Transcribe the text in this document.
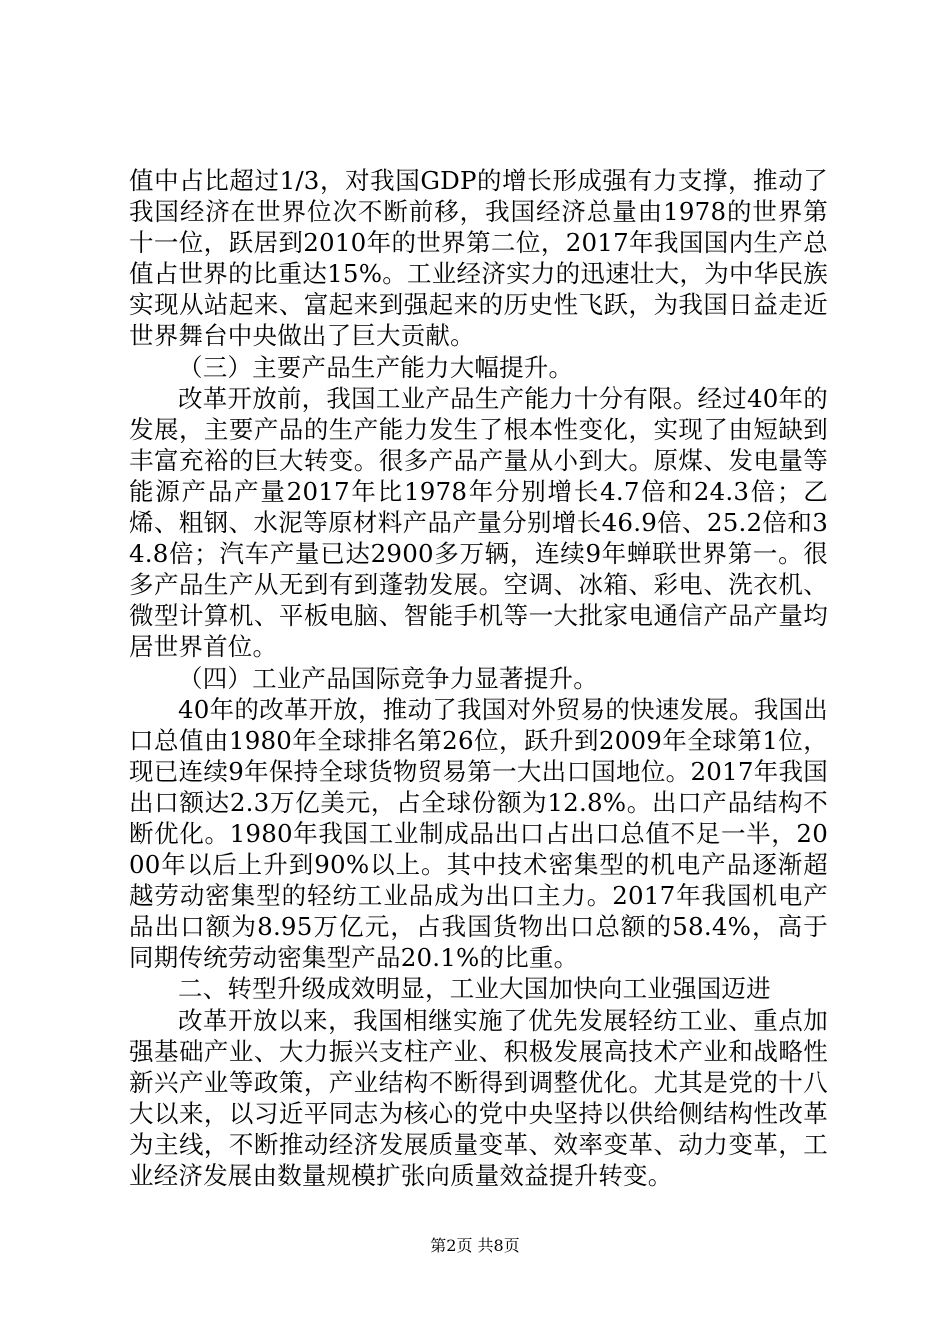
值中占比超过1/3，对我国GDP的增长形成强有力支撑，推动了我国经济在世界位次不断前移，我国经济总量由1978的世界第十一位，跃居到2010年的世界第二位，2017年我国国内生产总值占世界的比重达15%。工业经济实力的迅速壮大，为中华民族实现从站起来、富起来到强起来的历史性飞跃，为我国日益走近世界舞台中央做出了巨大贡献。

（三）主要产品生产能力大幅提升。

改革开放前，我国工业产品生产能力十分有限。经过40年的发展，主要产品的生产能力发生了根本性变化，实现了由短缺到丰富充裕的巨大转变。很多产品产量从小到大。原煤、发电量等能源产品产量2017年比1978年分别增长4.7倍和24.3倍；乙烯、粗钢、水泥等原材料产品产量分别增长46.9倍、25.2倍和34.8倍；汽车产量已达2900多万辆，连续9年蝉联世界第一。很多产品生产从无到有到蓬勃发展。空调、冰箱、彩电、洗衣机、微型计算机、平板电脑、智能手机等一大批家电通信产品产量均居世界首位。

（四）工业产品国际竞争力显著提升。

40年的改革开放，推动了我国对外贸易的快速发展。我国出口总值由1980年全球排名第26位，跃升到2009年全球第1位，现已连续9年保持全球货物贸易第一大出口国地位。2017年我国出口额达2.3万亿美元，占全球份额为12.8%。出口产品结构不断优化。1980年我国工业制成品出口占出口总值不足一半，2000年以后上升到90%以上。其中技术密集型的机电产品逐渐超越劳动密集型的轻纺工业品成为出口主力。2017年我国机电产品出口额为8.95万亿元，占我国货物出口总额的58.4%，高于同期传统劳动密集型产品20.1%的比重。

二、转型升级成效明显，工业大国加快向工业强国迈进

改革开放以来，我国相继实施了优先发展轻纺工业、重点加强基础产业、大力振兴支柱产业、积极发展高技术产业和战略性新兴产业等政策，产业结构不断得到调整优化。尤其是党的十八大以来，以习近平同志为核心的党中央坚持以供给侧结构性改革为主线，不断推动经济发展质量变革、效率变革、动力变革，工业经济发展由数量规模扩张向质量效益提升转变。

第2页 共8页
